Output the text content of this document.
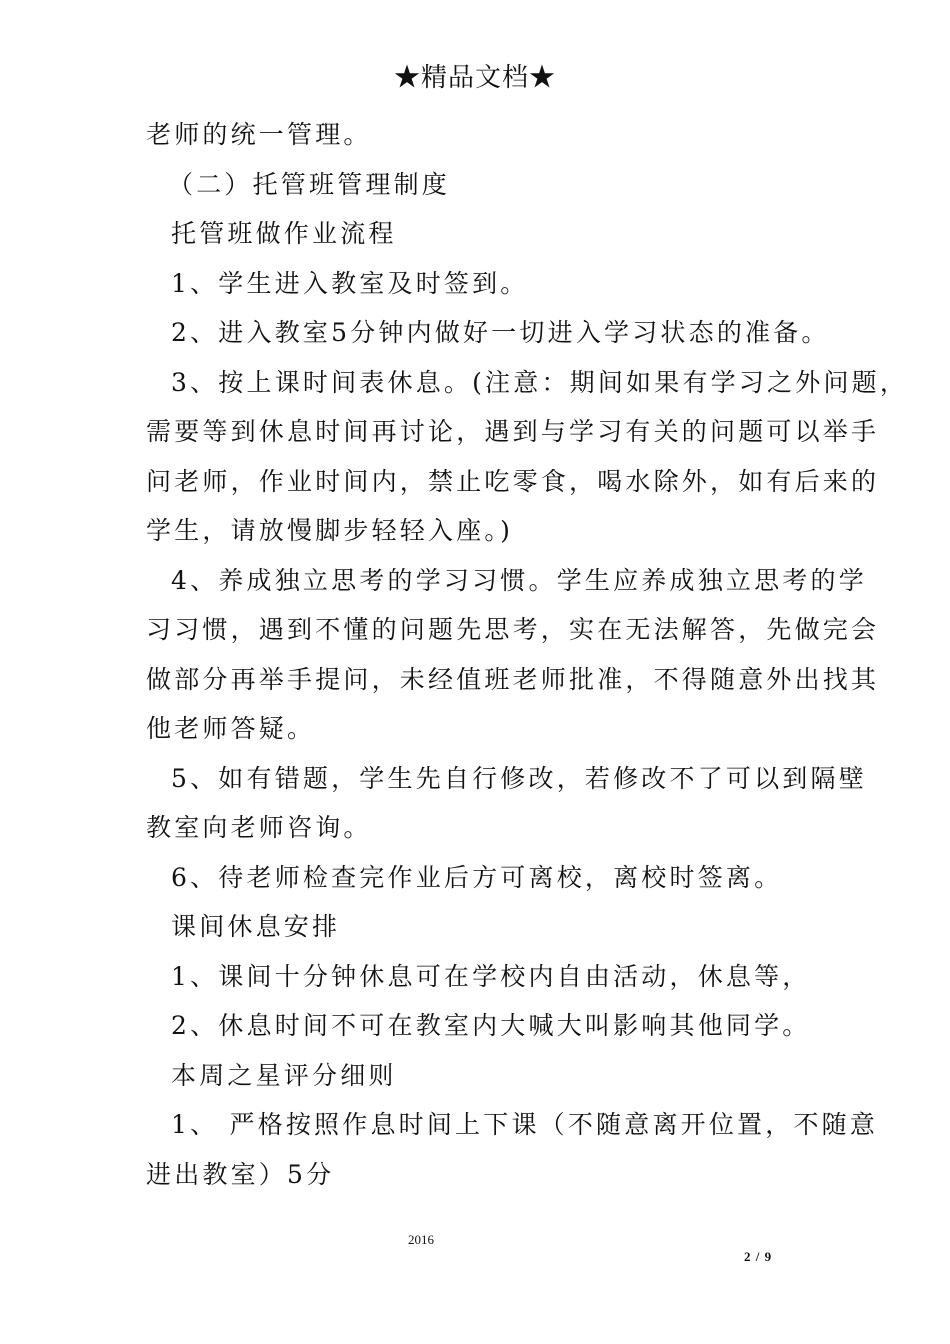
★精品文档★
老师的统一管理。
（二）托管班管理制度
托管班做作业流程
1、学生进入教室及时签到。
2、进入教室5分钟内做好一切进入学习状态的准备。
3、按上课时间表休息。(注意：期间如果有学习之外问题，
需要等到休息时间再讨论，遇到与学习有关的问题可以举手
问老师，作业时间内，禁止吃零食，喝水除外，如有后来的
学生，请放慢脚步轻轻入座。)
4、养成独立思考的学习习惯。学生应养成独立思考的学
习习惯，遇到不懂的问题先思考，实在无法解答，先做完会
做部分再举手提问，未经值班老师批准，不得随意外出找其
他老师答疑。
5、如有错题，学生先自行修改，若修改不了可以到隔壁
教室向老师咨询。
6、待老师检查完作业后方可离校，离校时签离。
课间休息安排
1、课间十分钟休息可在学校内自由活动，休息等，
2、休息时间不可在教室内大喊大叫影响其他同学。
本周之星评分细则
1、 严格按照作息时间上下课（不随意离开位置，不随意
进出教室）5分
2016
2 / 9
